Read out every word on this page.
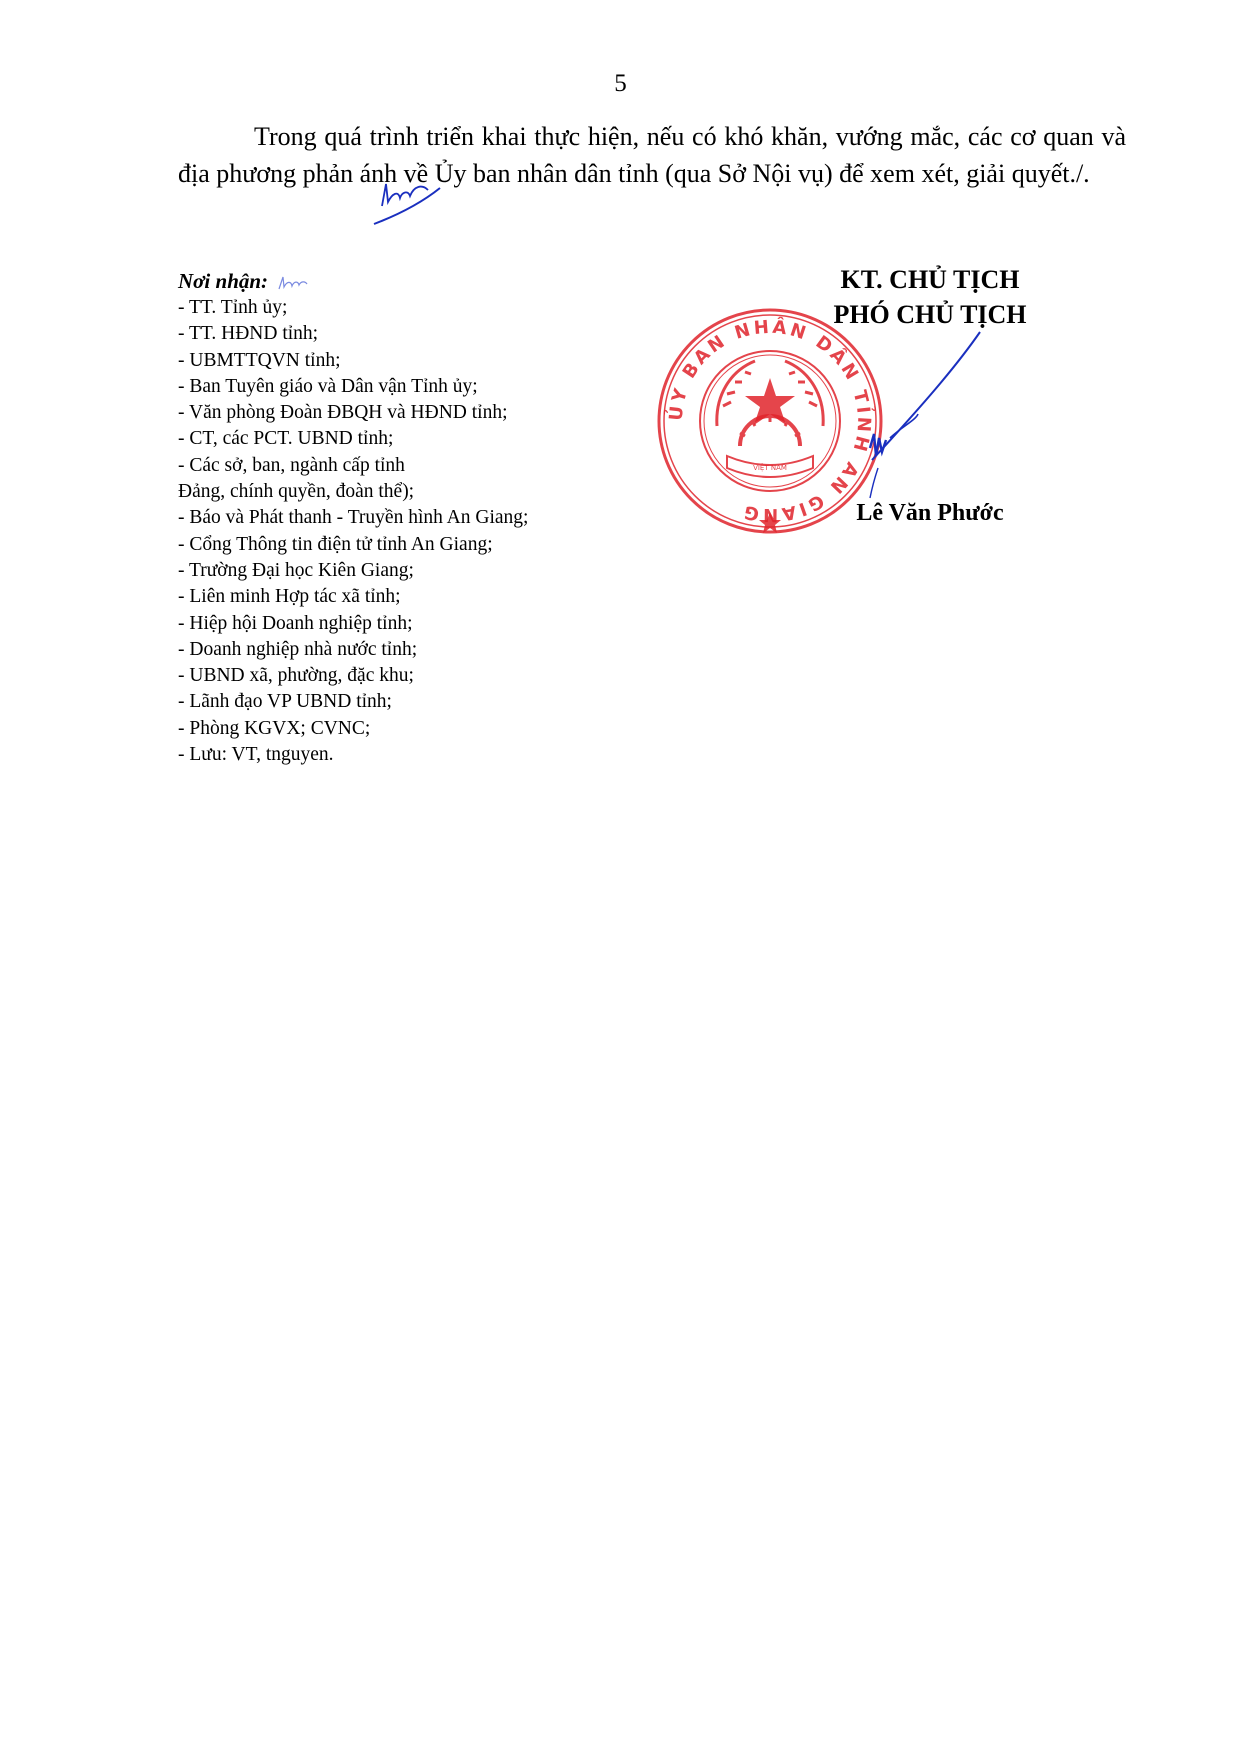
5

Trong quá trình triển khai thực hiện, nếu có khó khăn, vướng mắc, các cơ quan và địa phương phản ánh về Ủy ban nhân dân tỉnh (qua Sở Nội vụ) để xem xét, giải quyết./.

Nơi nhận:
- TT. Tỉnh ủy;
- TT. HĐND tỉnh;
- UBMTTQVN tỉnh;
- Ban Tuyên giáo và Dân vận Tỉnh ủy;
- Văn phòng Đoàn ĐBQH và HĐND tỉnh;
- CT, các PCT. UBND tỉnh;
- Các sở, ban, ngành cấp tỉnh
Đảng, chính quyền, đoàn thể);
- Báo và Phát thanh - Truyền hình An Giang;
- Cổng Thông tin điện tử tỉnh An Giang;
- Trường Đại học Kiên Giang;
- Liên minh Hợp tác xã tỉnh;
- Hiệp hội Doanh nghiệp tỉnh;
- Doanh nghiệp nhà nước tỉnh;
- UBND xã, phường, đặc khu;
- Lãnh đạo VP UBND tỉnh;
- Phòng KGVX; CVNC;
- Lưu: VT, tnguyen.
KT. CHỦ TỊCH
PHÓ CHỦ TỊCH
ỦY BAN NHÂN DÂN TỈNH AN GIANG
VIỆT NAM
Lê Văn Phước
